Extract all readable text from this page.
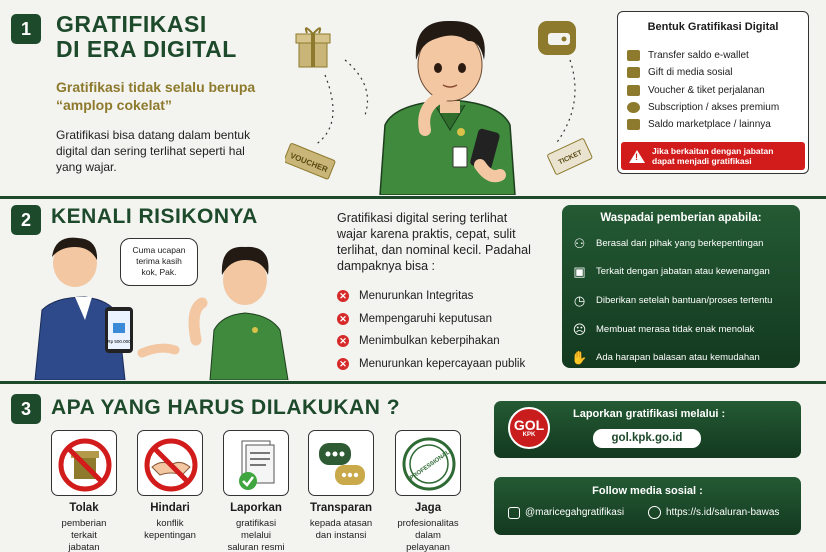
1	GRATIFIKASI
DI ERA DIGITAL
Gratifikasi tidak selalu berupa
“amplop cokelat”
Gratifikasi bisa datang dalam bentuk
digital dan sering terlihat seperti hal
yang wajar.	VOUCHER	TICKET
Bentuk Gratifikasi Digital
Transfer saldo e-wallet
Gift di media sosial
Voucher & tiket perjalanan
Subscription / akses premium
Saldo marketplace / lainnya
!
Jika berkaitan dengan jabatan
dapat menjadi gratifikasi
2 KENALI RISIKONYA
Cuma ucapan
terima kasih
kok, Pak.
Rp 500.000
Gratifikasi digital sering terlihat
wajar karena praktis, cepat, sulit
terlihat, dan nominal kecil. Padahal
dampaknya bisa :
✕ Menurunkan Integritas
✕ Mempengaruhi keputusan
✕ Menimbulkan keberpihakan
✕ Menurunkan kepercayaan publik
Waspadai pemberian apabila:
⚇ Berasal dari pihak yang berkepentingan
▣ Terkait dengan jabatan atau kewenangan
◷ Diberikan setelah bantuan/proses tertentu
☹ Membuat merasa tidak enak menolak
✋ Ada harapan balasan atau kemudahan
3 APA YANG HARUS DILAKUKAN ?
Tolak
pemberian terkait
jabatan
Hindari
konflik
kepentingan
Laporkan
gratifikasi melalui
saluran resmi
Transparan
kepada atasan
dan instansi
PROFESSIONAL
Jaga
profesionalitas
dalam pelayanan
GOL
KPK
Laporkan gratifikasi melalui :
gol.kpk.go.id
Follow media sosial :
@maricegahgratifikasi	https://s.id/saluran-bawas
